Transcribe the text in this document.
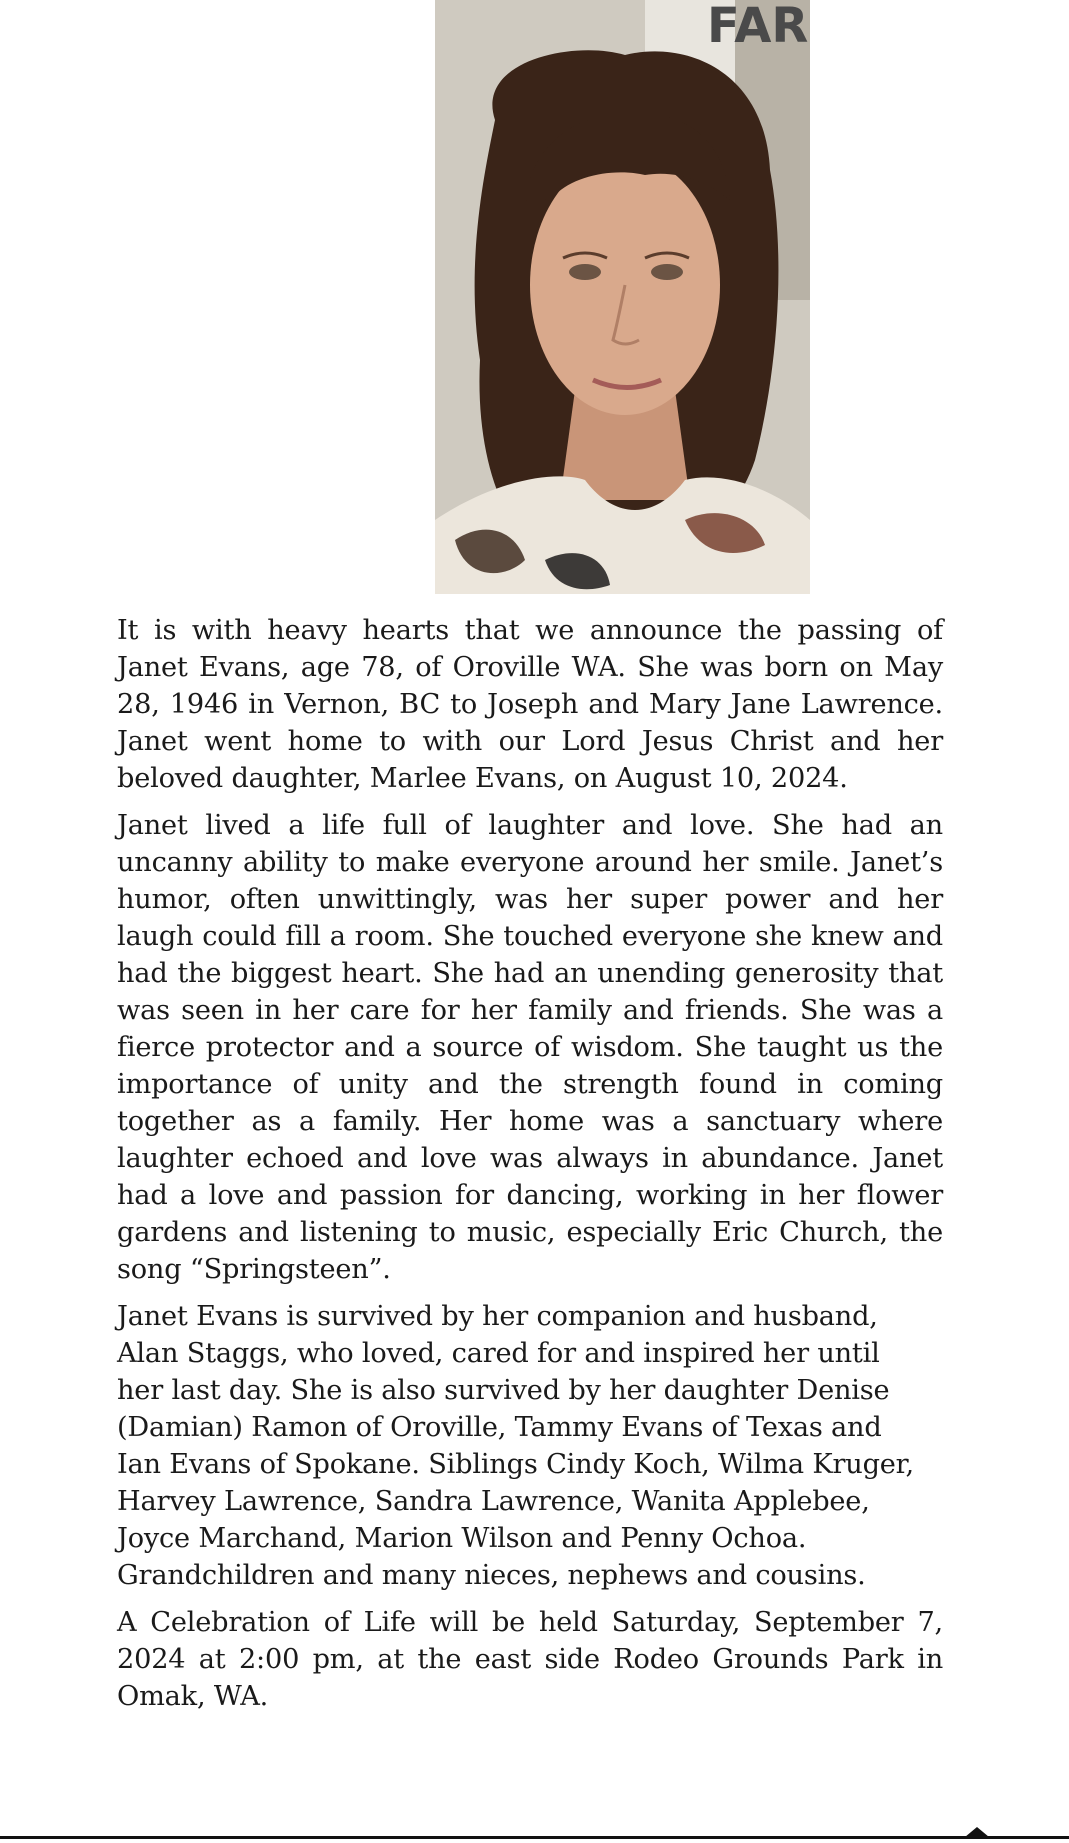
FAR

It is with heavy hearts that we announce the passing of Janet Evans, age 78, of Oroville WA. She was born on May 28, 1946 in Vernon, BC to Joseph and Mary Jane Lawrence. Janet went home to with our Lord Jesus Christ and her beloved daughter, Marlee Evans, on August 10, 2024.

Janet lived a life full of laughter and love. She had an uncanny ability to make everyone around her smile. Janet’s humor, often unwittingly, was her super power and her laugh could fill a room. She touched everyone she knew and had the biggest heart. She had an unending generosity that was seen in her care for her family and friends. She was a fierce protector and a source of wisdom. She taught us the importance of unity and the strength found in coming together as a family. Her home was a sanctuary where laughter echoed and love was always in abundance. Janet had a love and passion for dancing, working in her flower gardens and listening to music, especially Eric Church, the song “Springsteen”.

Janet Evans is survived by her companion and husband, Alan Staggs, who loved, cared for and inspired her until her last day. She is also survived by her daughter Denise (Damian) Ramon of Oroville, Tammy Evans of Texas and Ian Evans of Spokane. Siblings Cindy Koch, Wilma Kruger, Harvey Lawrence, Sandra Lawrence, Wanita Applebee, Joyce Marchand, Marion Wilson and Penny Ochoa. Grandchildren and many nieces, nephews and cousins.

A Celebration of Life will be held Saturday, September 7, 2024 at 2:00 pm, at the east side Rodeo Grounds Park in Omak, WA.
